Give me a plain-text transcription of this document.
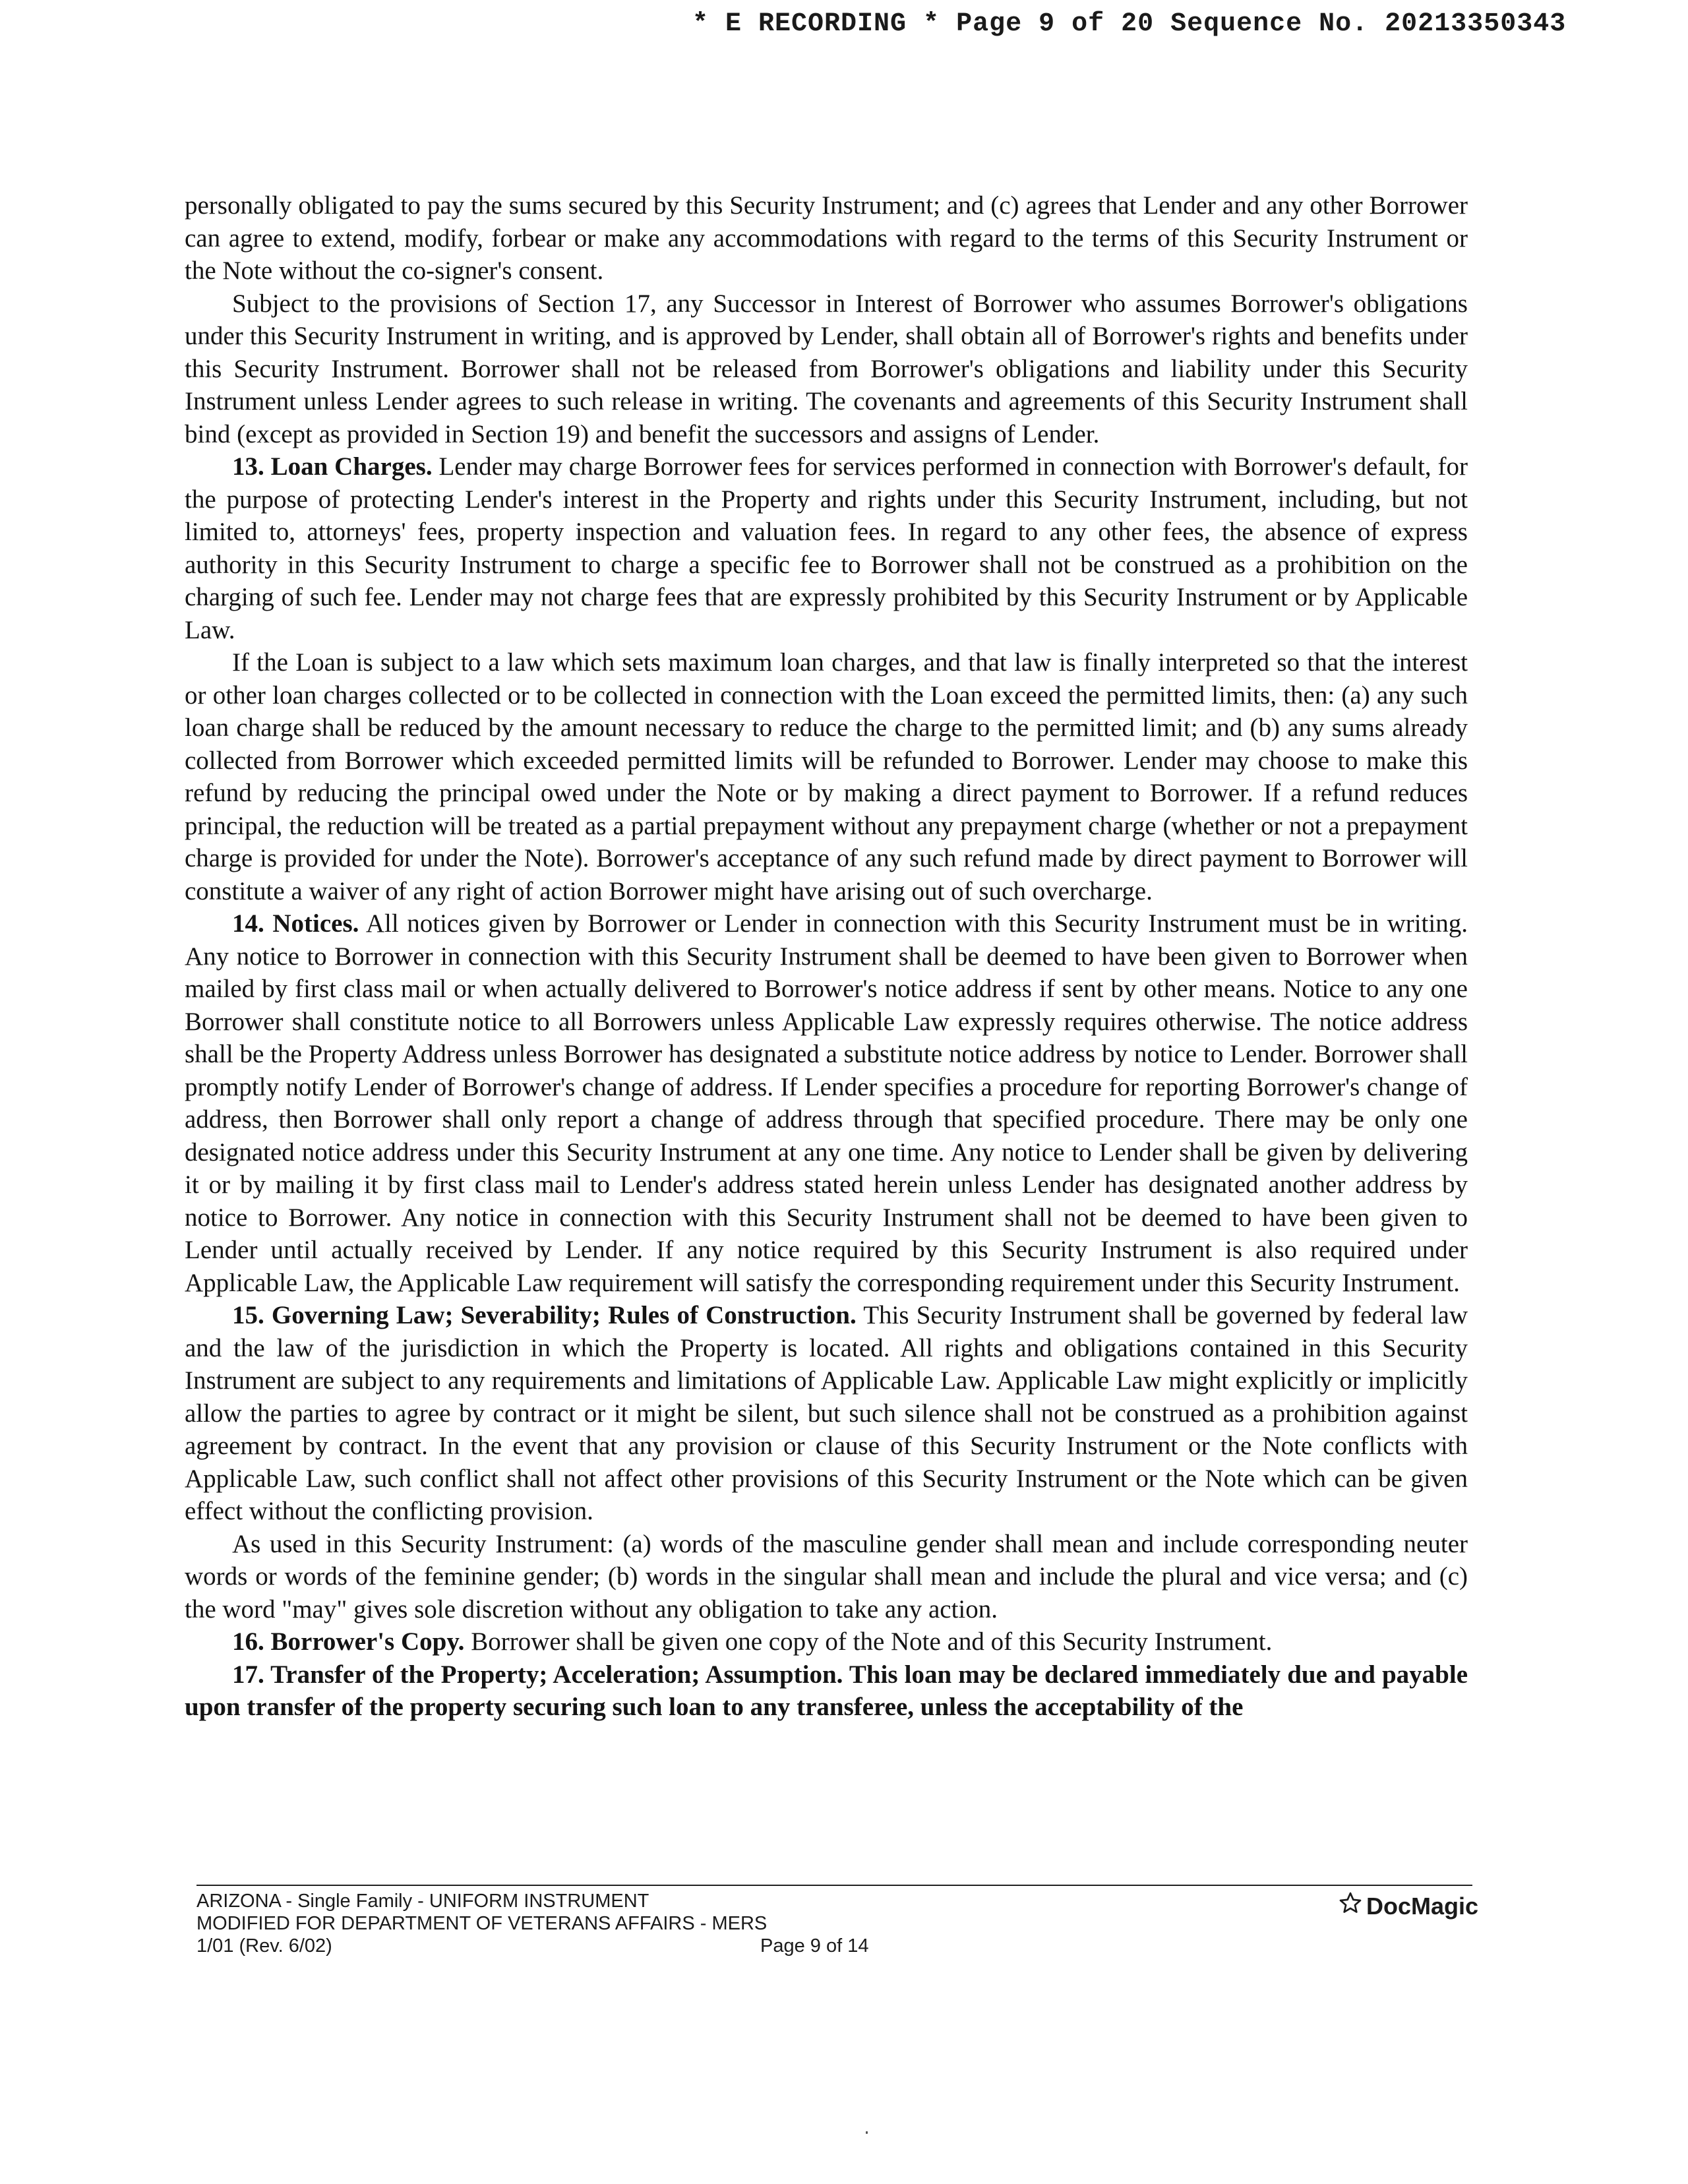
* E RECORDING * Page 9 of 20 Sequence No. 20213350343

personally obligated to pay the sums secured by this Security Instrument; and (c) agrees that Lender and any other Borrower can agree to extend, modify, forbear or make any accommodations with regard to the terms of this Security Instrument or the Note without the co-signer's consent.

Subject to the provisions of Section 17, any Successor in Interest of Borrower who assumes Borrower's obligations under this Security Instrument in writing, and is approved by Lender, shall obtain all of Borrower's rights and benefits under this Security Instrument. Borrower shall not be released from Borrower's obligations and liability under this Security Instrument unless Lender agrees to such release in writing. The covenants and agreements of this Security Instrument shall bind (except as provided in Section 19) and benefit the successors and assigns of Lender.

13. Loan Charges. Lender may charge Borrower fees for services performed in connection with Borrower's default, for the purpose of protecting Lender's interest in the Property and rights under this Security Instrument, including, but not limited to, attorneys' fees, property inspection and valuation fees. In regard to any other fees, the absence of express authority in this Security Instrument to charge a specific fee to Borrower shall not be construed as a prohibition on the charging of such fee. Lender may not charge fees that are expressly prohibited by this Security Instrument or by Applicable Law.

If the Loan is subject to a law which sets maximum loan charges, and that law is finally interpreted so that the interest or other loan charges collected or to be collected in connection with the Loan exceed the permitted limits, then: (a) any such loan charge shall be reduced by the amount necessary to reduce the charge to the permitted limit; and (b) any sums already collected from Borrower which exceeded permitted limits will be refunded to Borrower. Lender may choose to make this refund by reducing the principal owed under the Note or by making a direct payment to Borrower. If a refund reduces principal, the reduction will be treated as a partial prepayment without any prepayment charge (whether or not a prepayment charge is provided for under the Note). Borrower's acceptance of any such refund made by direct payment to Borrower will constitute a waiver of any right of action Borrower might have arising out of such overcharge.

14. Notices. All notices given by Borrower or Lender in connection with this Security Instrument must be in writing. Any notice to Borrower in connection with this Security Instrument shall be deemed to have been given to Borrower when mailed by first class mail or when actually delivered to Borrower's notice address if sent by other means. Notice to any one Borrower shall constitute notice to all Borrowers unless Applicable Law expressly requires otherwise. The notice address shall be the Property Address unless Borrower has designated a substitute notice address by notice to Lender. Borrower shall promptly notify Lender of Borrower's change of address. If Lender specifies a procedure for reporting Borrower's change of address, then Borrower shall only report a change of address through that specified procedure. There may be only one designated notice address under this Security Instrument at any one time. Any notice to Lender shall be given by delivering it or by mailing it by first class mail to Lender's address stated herein unless Lender has designated another address by notice to Borrower. Any notice in connection with this Security Instrument shall not be deemed to have been given to Lender until actually received by Lender. If any notice required by this Security Instrument is also required under Applicable Law, the Applicable Law requirement will satisfy the corresponding requirement under this Security Instrument.

15. Governing Law; Severability; Rules of Construction. This Security Instrument shall be governed by federal law and the law of the jurisdiction in which the Property is located. All rights and obligations contained in this Security Instrument are subject to any requirements and limitations of Applicable Law. Applicable Law might explicitly or implicitly allow the parties to agree by contract or it might be silent, but such silence shall not be construed as a prohibition against agreement by contract. In the event that any provision or clause of this Security Instrument or the Note conflicts with Applicable Law, such conflict shall not affect other provisions of this Security Instrument or the Note which can be given effect without the conflicting provision.

As used in this Security Instrument: (a) words of the masculine gender shall mean and include corresponding neuter words or words of the feminine gender; (b) words in the singular shall mean and include the plural and vice versa; and (c) the word "may" gives sole discretion without any obligation to take any action.

16. Borrower's Copy. Borrower shall be given one copy of the Note and of this Security Instrument.

17. Transfer of the Property; Acceleration; Assumption. This loan may be declared immediately due and payable upon transfer of the property securing such loan to any transferee, unless the acceptability of the

ARIZONA - Single Family - UNIFORM INSTRUMENT
MODIFIED FOR DEPARTMENT OF VETERANS AFFAIRS - MERS
1/01 (Rev. 6/02)	Page 9 of 14
DocMagic
